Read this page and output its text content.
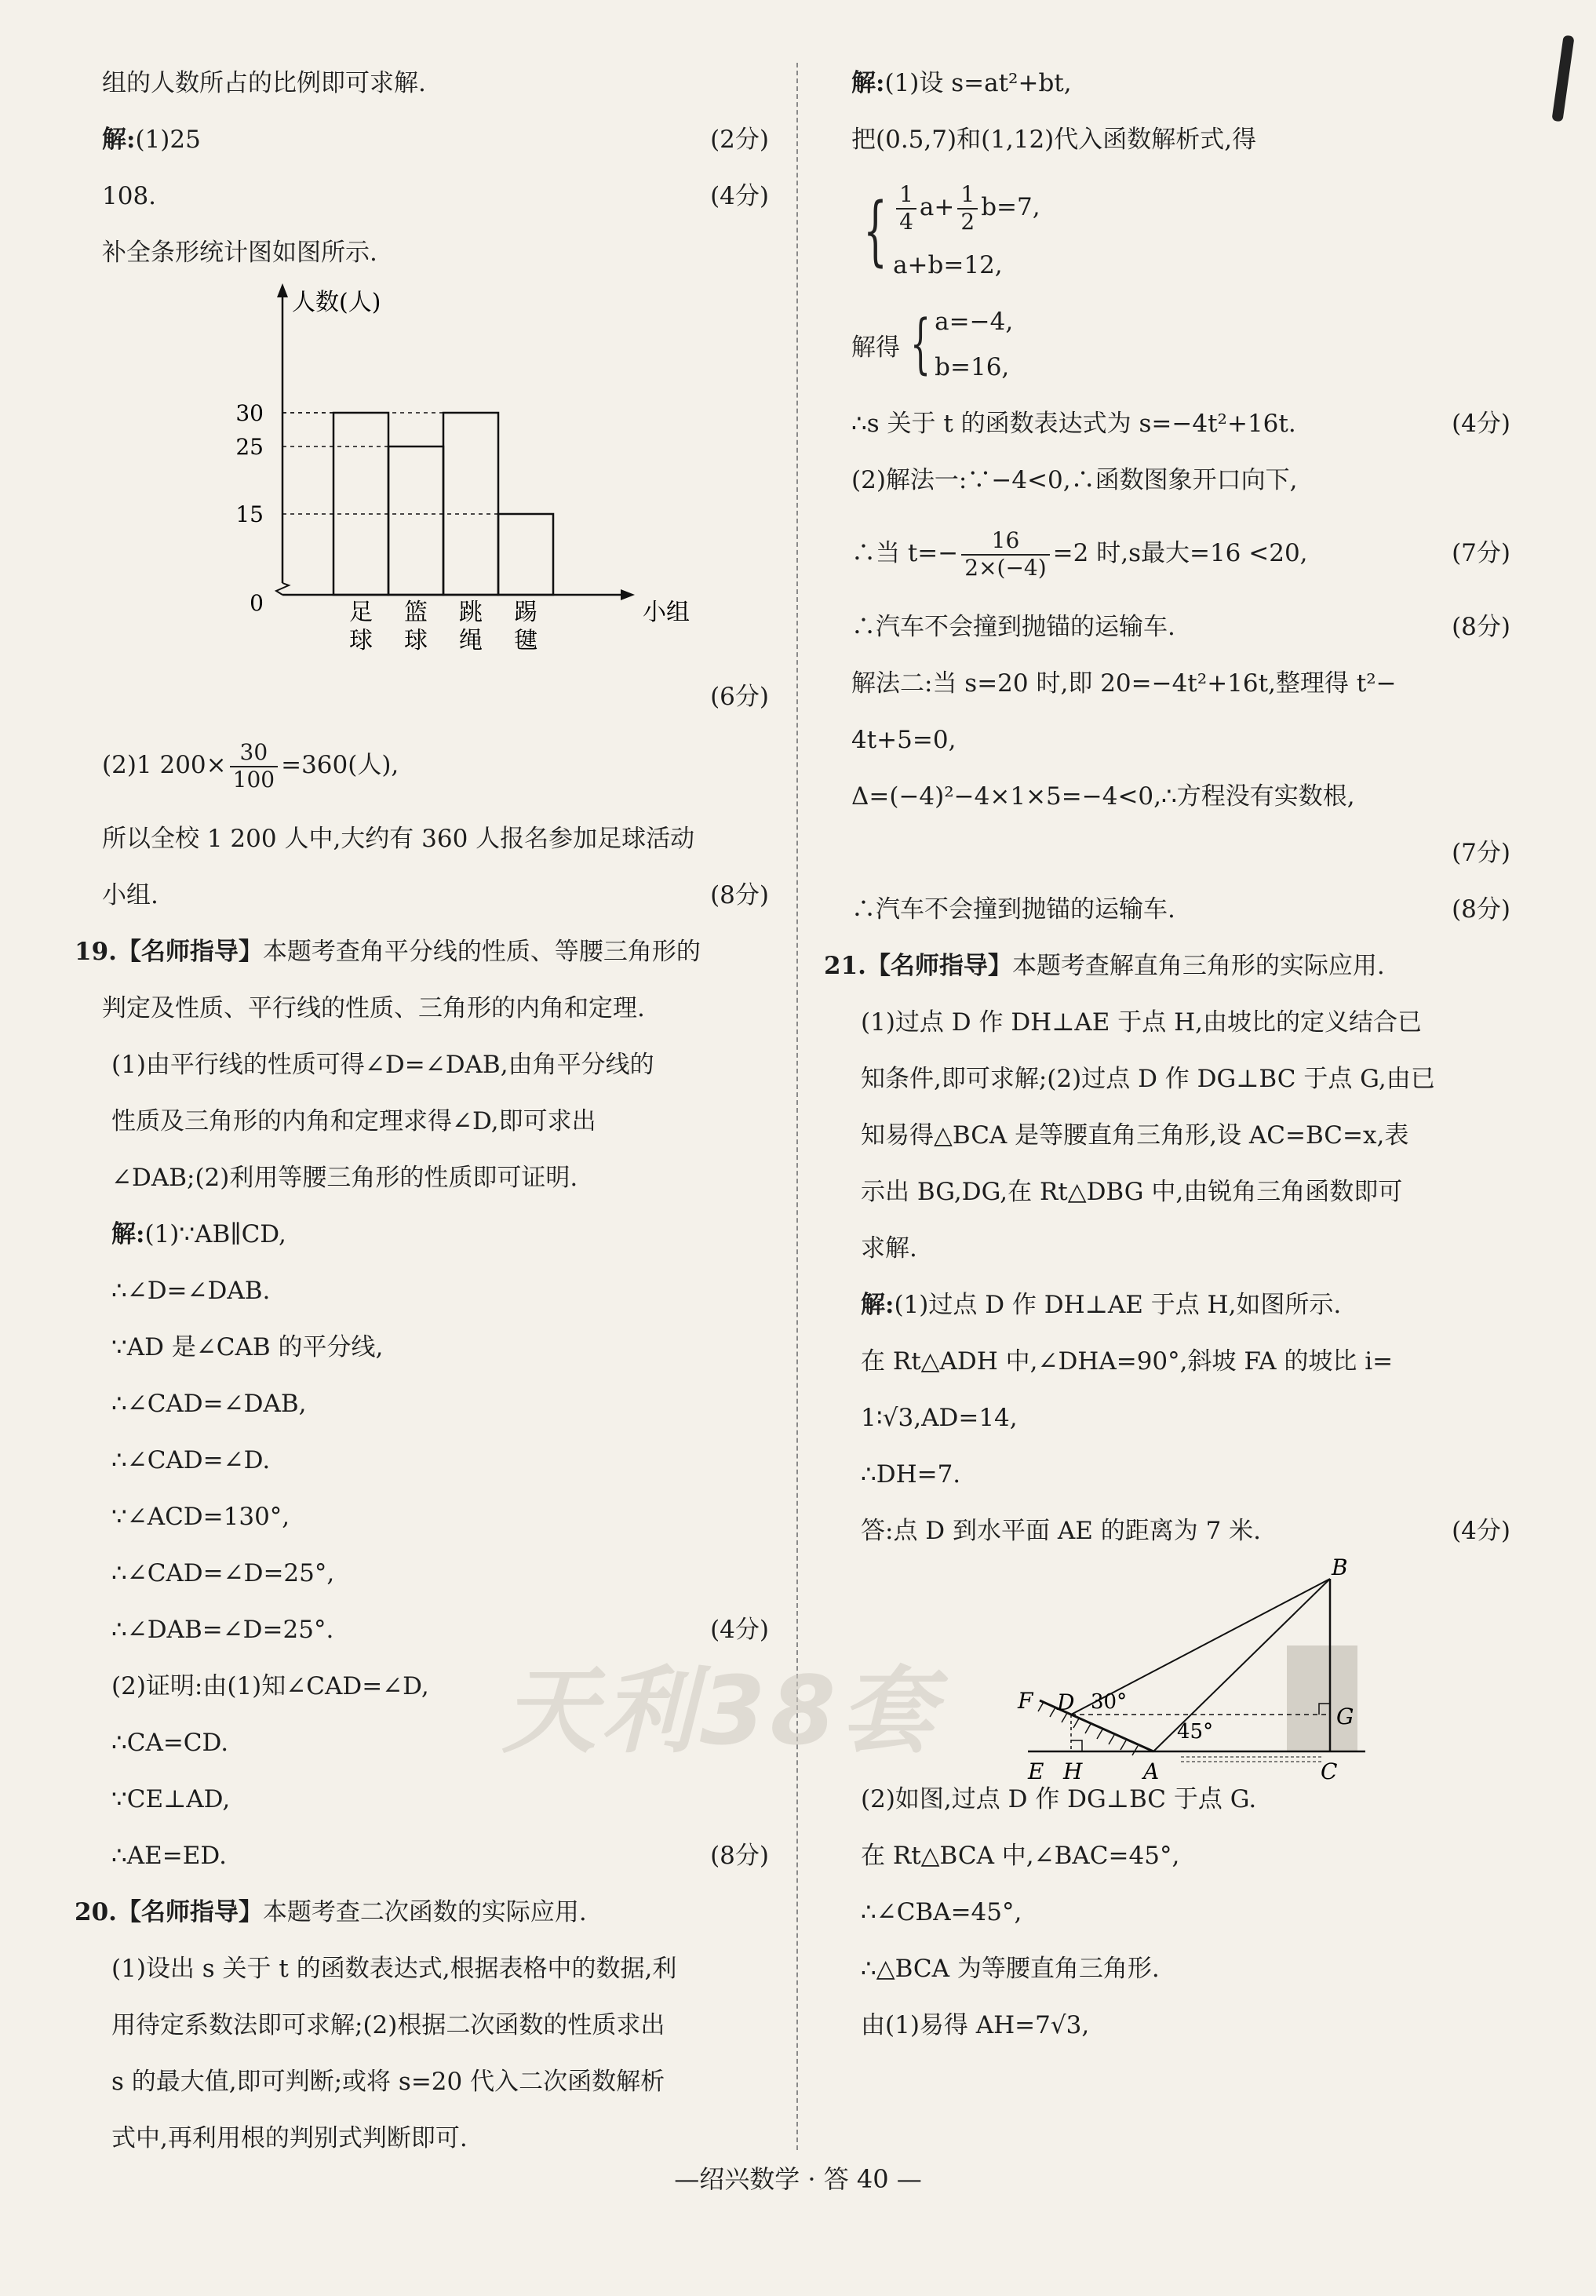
天利38套
组的人数所占的比例即可求解.
解:(1)25	(2分)
108.	(4分)
补全条形统计图如图所示.
人数(人)
小组
0
15
25
30
足
球
篮
球
跳
绳
踢
毽
(6分)
(2)1 $200\times \frac{30}{100} =360$(人),
所以全校 1 200 人中,大约有 360 人报名参加足球活动
小组.	(8分)
19.【名师指导】本题考查角平分线的性质、等腰三角形的
判定及性质、平行线的性质、三角形的内角和定理.
(1)由平行线的性质可得∠D=∠DAB,由角平分线的
性质及三角形的内角和定理求得∠D,即可求出
∠DAB;(2)利用等腰三角形的性质即可证明.
解:(1)∵AB∥CD,
∴∠D=∠DAB.
∵AD 是∠CAB 的平分线,
∴∠CAD=∠DAB,
∴∠CAD=∠D.
∵∠ACD=130°,
∴∠CAD=∠D=25°,
∴∠DAB=∠D=25°.	(4分)
(2)证明:由(1)知∠CAD=∠D,
∴CA=CD.
∵CE⊥AD,
∴AE=ED.	(8分)
20.【名师指导】本题考查二次函数的实际应用.
(1)设出 s 关于 t 的函数表达式,根据表格中的数据,利
用待定系数法即可求解;(2)根据二次函数的性质求出
s 的最大值,即可判断;或将 s=20 代入二次函数解析
式中,再利用根的判别式判断即可.
解:(1)设 s=at²+bt,
把(0.5,7)和(1,12)代入函数解析式,得
{ $\frac{1}{4} a+ \frac{1}{2} b=7$,
a+b=12,
解得 { a=−4,
b=16,
∴s 关于 t 的函数表达式为 s=−4t²+16t.	(4分)
(2)解法一:∵−4<0,∴函数图象开口向下,
∴当 $t=- \frac{16}{2\times(-4)} =2$ 时,s最大=16 <20,	(7分)
∴汽车不会撞到抛锚的运输车.	(8分)
解法二:当 s=20 时,即 20=−4t²+16t,整理得 t²−
4t+5=0,
Δ=(−4)²−4×1×5=−4<0,∴方程没有实数根,
(7分)
∴汽车不会撞到抛锚的运输车.	(8分)
21.【名师指导】本题考查解直角三角形的实际应用.
(1)过点 D 作 DH⊥AE 于点 H,由坡比的定义结合已
知条件,即可求解;(2)过点 D 作 DG⊥BC 于点 G,由已
知易得△BCA 是等腰直角三角形,设 AC=BC=x,表
示出 BG,DG,在 Rt△DBG 中,由锐角三角函数即可
求解.
解:(1)过点 D 作 DH⊥AE 于点 H,如图所示.
在 Rt△ADH 中,∠DHA=90°,斜坡 FA 的坡比 i=
1∶√3,AD=14,
∴DH=7.
答:点 D 到水平面 AE 的距离为 7 米.	(4分)
B
F D
G
E H	A	C
30°
45°
(2)如图,过点 D 作 DG⊥BC 于点 G.
在 Rt△BCA 中,∠BAC=45°,
∴∠CBA=45°,
∴△BCA 为等腰直角三角形.
由(1)易得 AH=7√3,
—绍兴数学 · 答 40 —
